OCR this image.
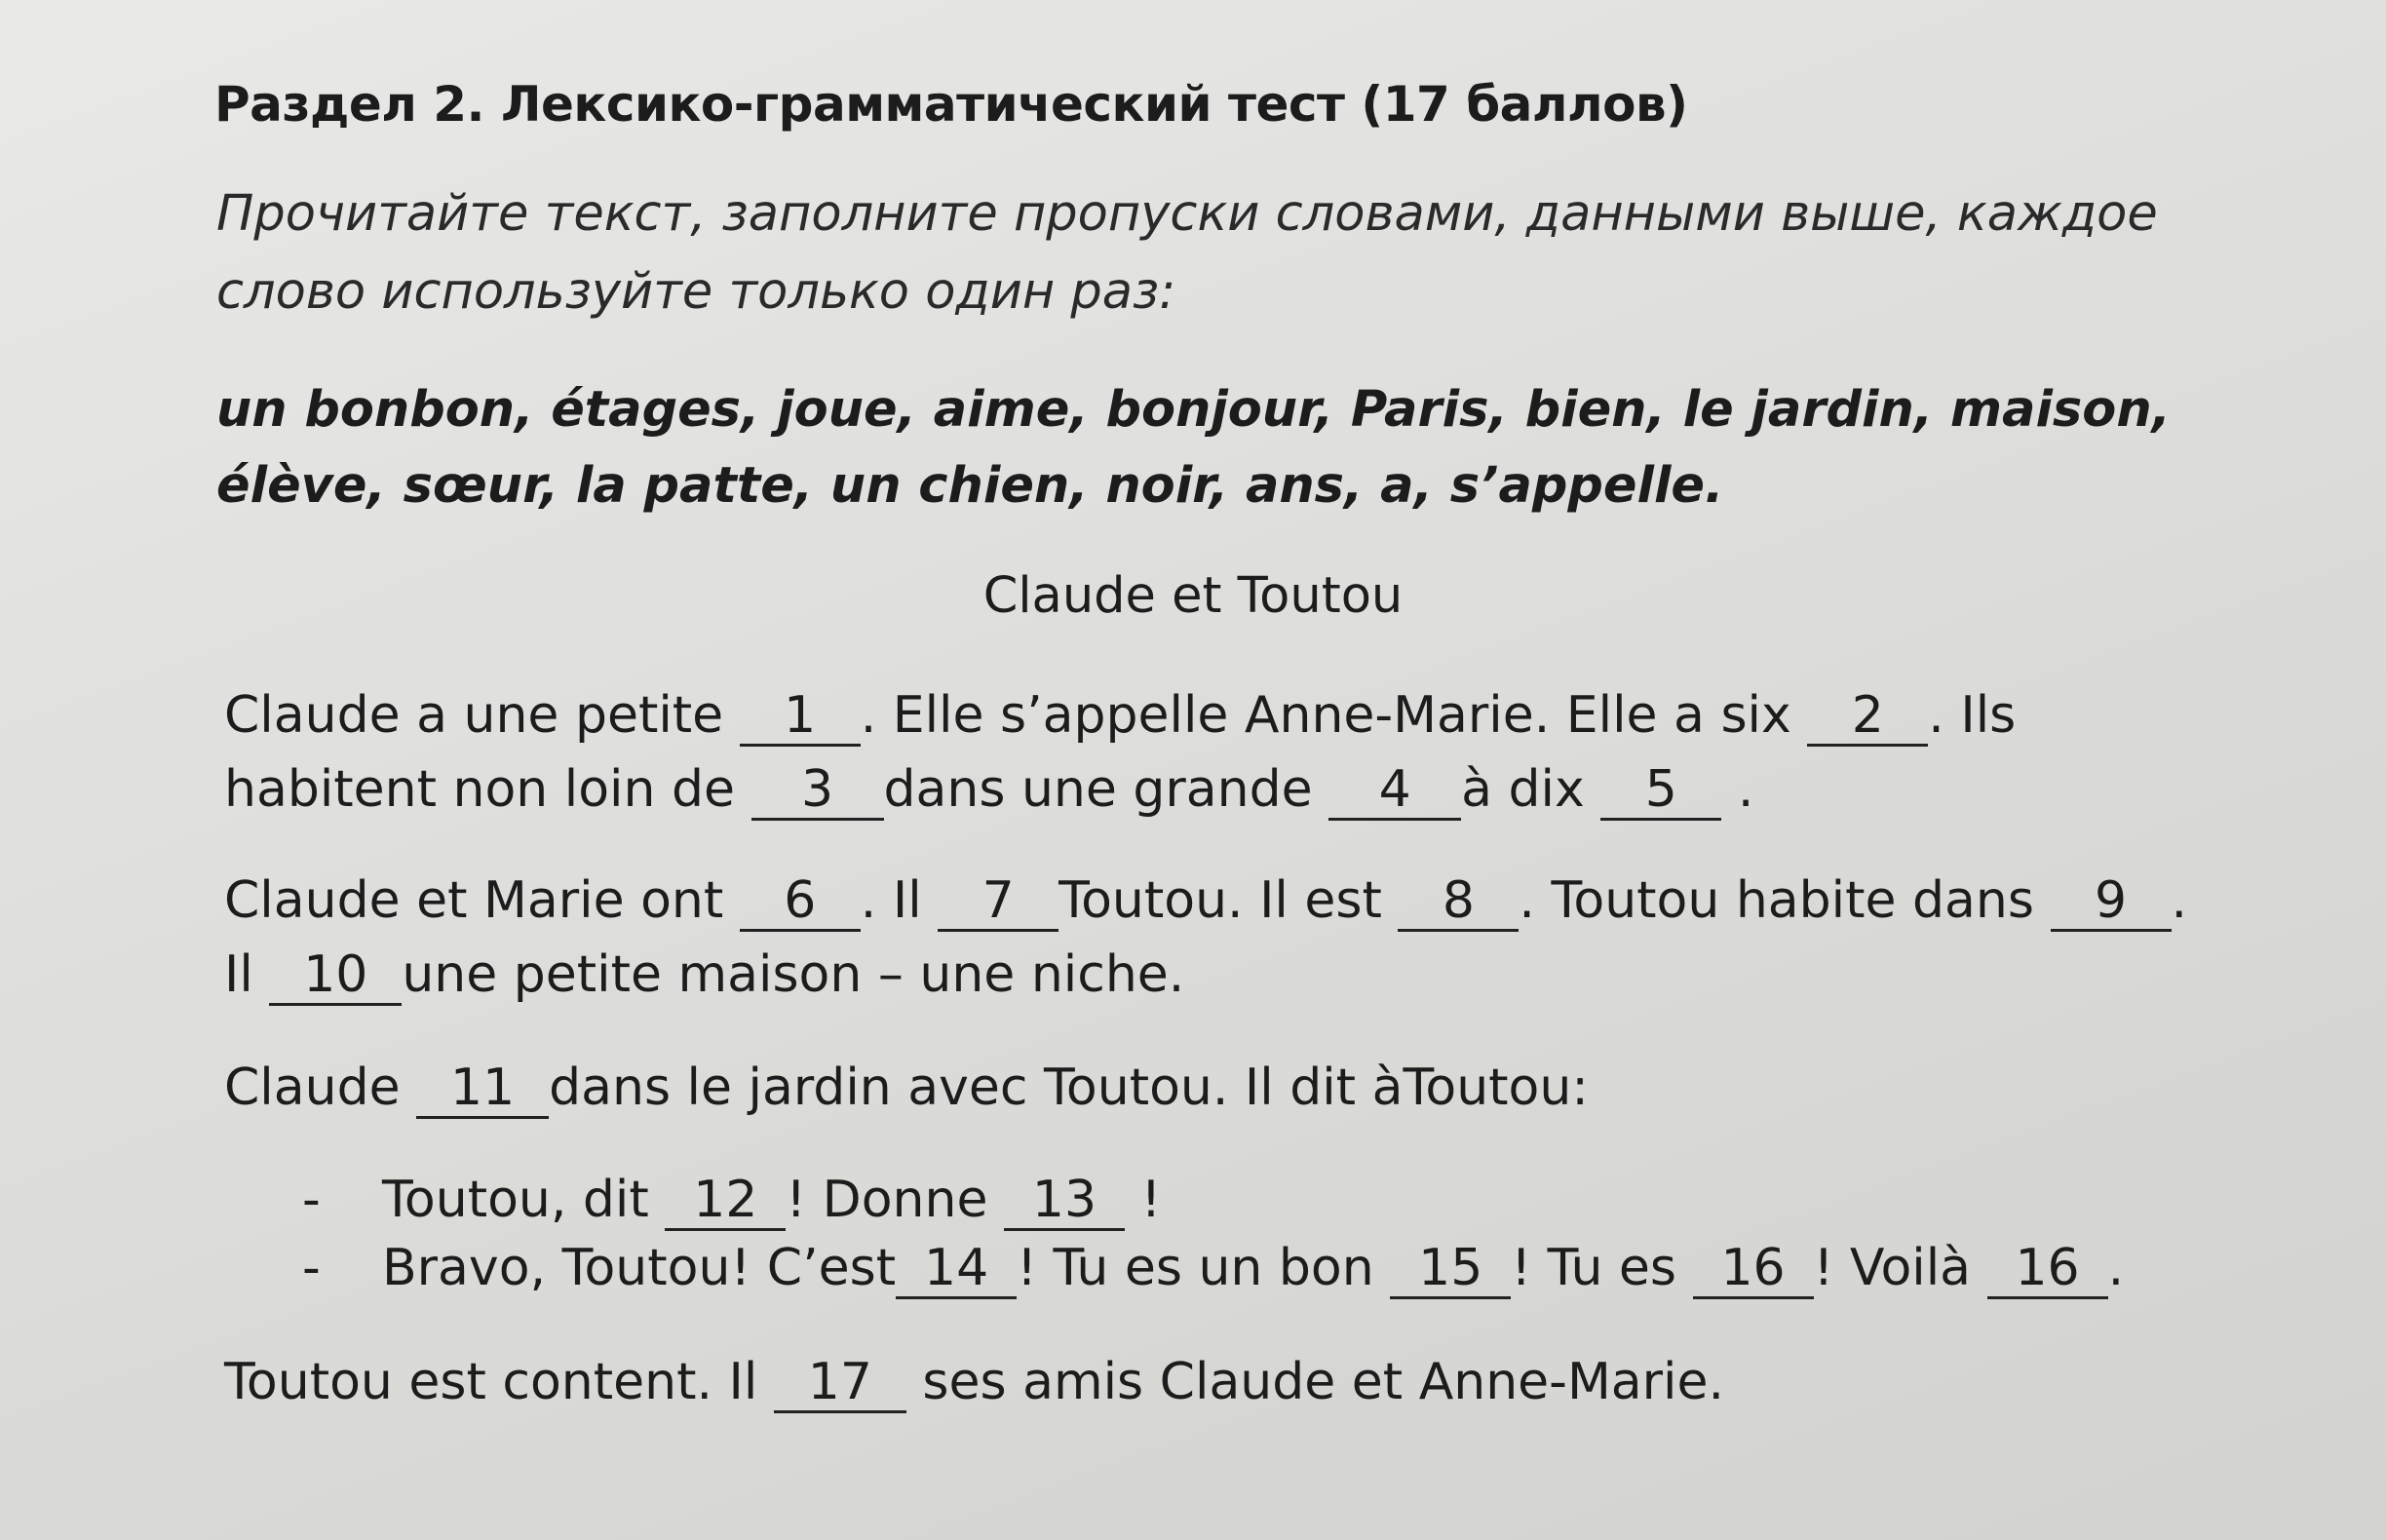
Раздел 2. Лексико-грамматический тест (17 баллов)
Прочитайте текст, заполните пропуски словами, данными выше, каждое слово используйте только один раз:
un bonbon, étages, joue, aime, bonjour, Paris, bien, le jardin, maison, élève, sœur, la patte, un chien, noir, ans, a, s’appelle.
Claude et Toutou
Claude a une petite 1 . Elle s’appelle Anne-Marie. Elle a six 2 . Ils habitent non loin de 3 dans une grande 4 à dix 5 .
Claude et Marie ont 6 . Il 7 Toutou. Il est 8 . Toutou habite dans 9 . Il 10 une petite maison – une niche.
Claude 11 dans le jardin avec Toutou. Il dit àToutou:
-	Toutou, dit 12 ! Donne 13 !
-	Bravo, Toutou! C’est 14 ! Tu es un bon 15 ! Tu es 16 ! Voilà 16 .
Toutou est content. Il 17 ses amis Claude et Anne-Marie.
